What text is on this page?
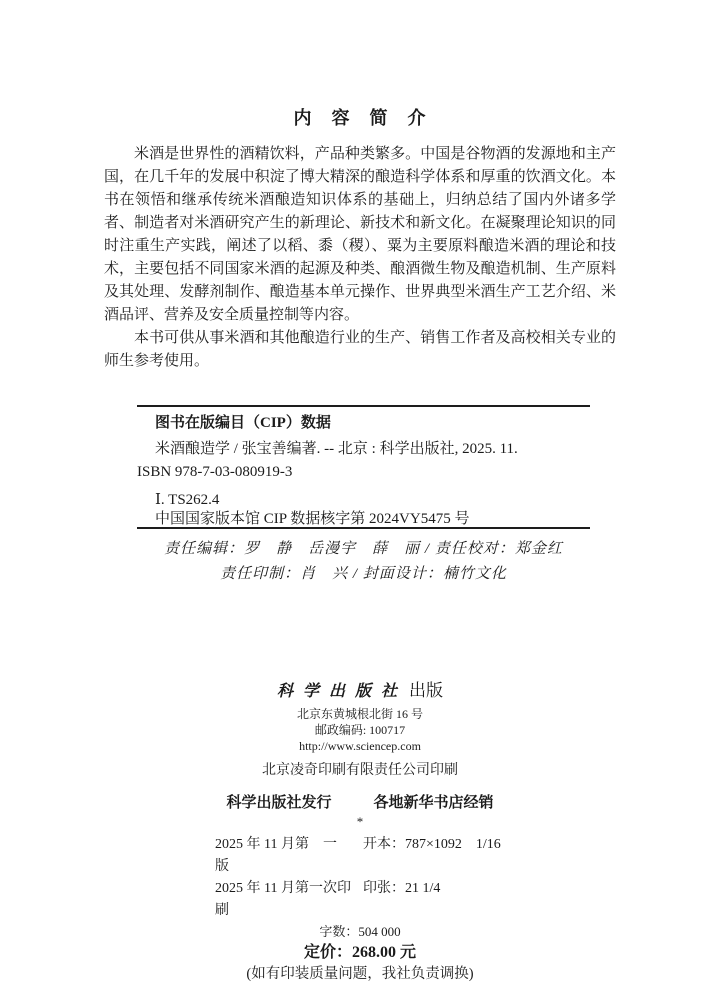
内　容　简　介

米酒是世界性的酒精饮料，产品种类繁多。中国是谷物酒的发源地和主产国，在几千年的发展中积淀了博大精深的酿造科学体系和厚重的饮酒文化。本书在领悟和继承传统米酒酿造知识体系的基础上，归纳总结了国内外诸多学者、制造者对米酒研究产生的新理论、新技术和新文化。在凝聚理论知识的同时注重生产实践，阐述了以稻、黍（稷）、粟为主要原料酿造米酒的理论和技术，主要包括不同国家米酒的起源及种类、酿酒微生物及酿造机制、生产原料及其处理、发酵剂制作、酿造基本单元操作、世界典型米酒生产工艺介绍、米酒品评、营养及安全质量控制等内容。

本书可供从事米酒和其他酿造行业的生产、销售工作者及高校相关专业的师生参考使用。

图书在版编目（CIP）数据
米酒酿造学 / 张宝善编著. -- 北京 : 科学出版社, 2025. 11.
ISBN 978-7-03-080919-3
Ⅰ. TS262.4
中国国家版本馆 CIP 数据核字第 2024VY5475 号
责任编辑：罗　静　岳漫宇　薛　丽 / 责任校对：郑金红
责任印制：肖　兴 / 封面设计：楠竹文化
科学出版社 出版
北京东黄城根北街 16 号
邮政编码: 100717
http://www.sciencep.com
北京凌奇印刷有限责任公司印刷
科学出版社发行	各地新华书店经销
*
2025 年 11 月第　一　版
开本：787×1092　1/16
2025 年 11 月第一次印刷
印张：21 1/4
字数：504 000
定价：268.00 元
(如有印装质量问题，我社负责调换)
